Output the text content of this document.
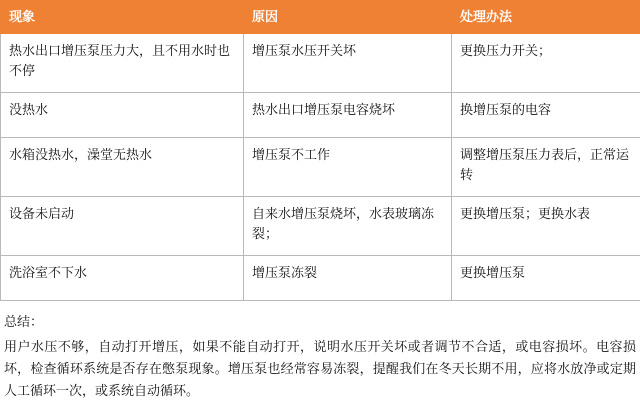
现象	原因	处理办法
热水出口增压泵压力大，且不用水时也不停	增压泵水压开关坏	更换压力开关；
没热水	热水出口增压泵电容烧坏	换增压泵的电容
水箱没热水，澡堂无热水	增压泵不工作	调整增压泵压力表后，正常运转
设备未启动	自来水增压泵烧坏，水表玻璃冻裂；	更换增压泵；更换水表
洗浴室不下水	增压泵冻裂	更换增压泵
总结：
用户水压不够，自动打开增压，如果不能自动打开，说明水压开关坏或者调节不合适，或电容损坏。电容损坏，检查循环系统是否存在憋泵现象。增压泵也经常容易冻裂，提醒我们在冬天长期不用，应将水放净或定期人工循环一次，或系统自动循环。
